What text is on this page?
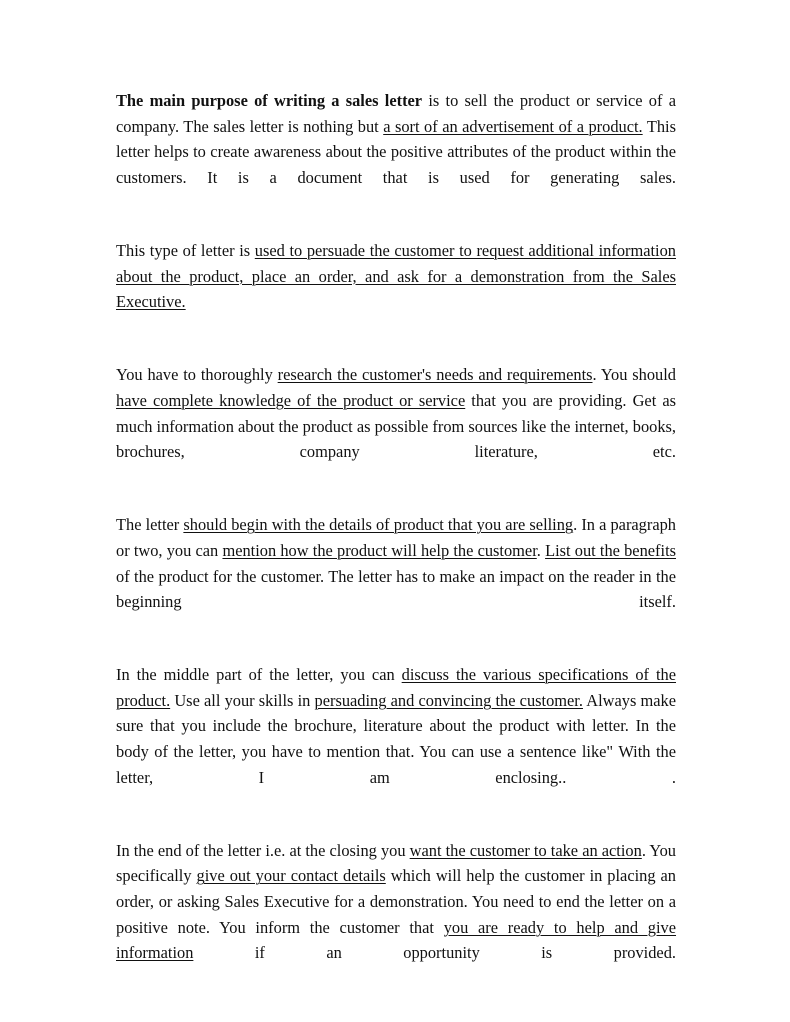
The main purpose of writing a sales letter is to sell the product or service of a company. The sales letter is nothing but a sort of an advertisement of a product. This letter helps to create awareness about the positive attributes of the product within the customers. It is a document that is used for generating sales.

This type of letter is used to persuade the customer to request additional information about the product, place an order, and ask for a demonstration from the Sales Executive.

You have to thoroughly research the customer's needs and requirements. You should have complete knowledge of the product or service that you are providing. Get as much information about the product as possible from sources like the internet, books, brochures, company literature, etc.

The letter should begin with the details of product that you are selling. In a paragraph or two, you can mention how the product will help the customer. List out the benefits of the product for the customer. The letter has to make an impact on the reader in the beginning itself.

In the middle part of the letter, you can discuss the various specifications of the product. Use all your skills in persuading and convincing the customer. Always make sure that you include the brochure, literature about the product with letter. In the body of the letter, you have to mention that. You can use a sentence like" With the letter, I am enclosing.. .

In the end of the letter i.e. at the closing you want the customer to take an action. You specifically give out your contact details which will help the customer in placing an order, or asking Sales Executive for a demonstration. You need to end the letter on a positive note. You inform the customer that you are ready to help and give information if an opportunity is provided.
